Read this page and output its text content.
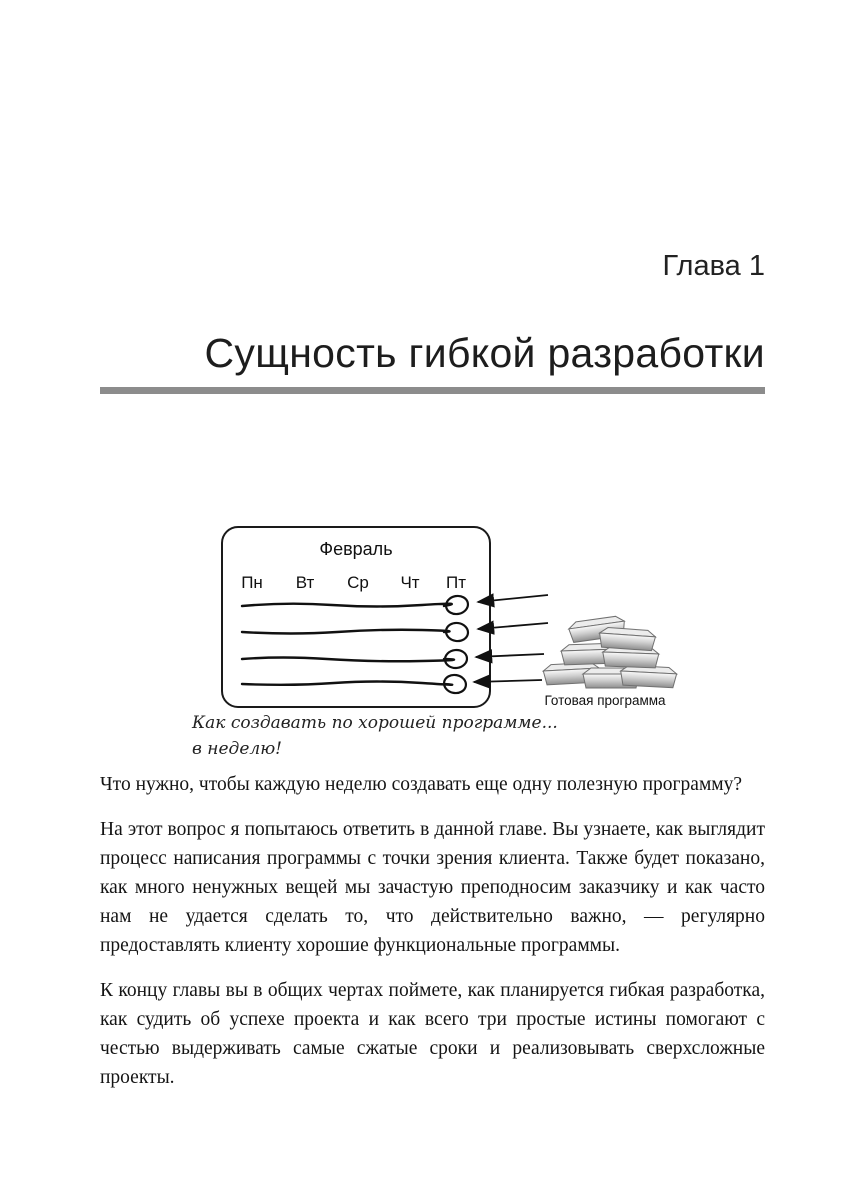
Глава 1
Сущность гибкой разработки
Февраль
Пн Вт Ср Чт Пт
Готовая программа
Как создавать по хорошей программе...
в неделю!

Что нужно, чтобы каждую неделю создавать еще одну полезную программу?

На этот вопрос я попытаюсь ответить в данной главе. Вы узнаете, как выглядит процесс написания программы с точки зрения клиента. Также будет показано, как много ненужных вещей мы зачастую преподносим заказчику и как часто нам не удается сделать то, что действительно важно, — регулярно предоставлять клиенту хорошие функциональные программы.

К концу главы вы в общих чертах поймете, как планируется гибкая разработка, как судить об успехе проекта и как всего три простые истины помогают с честью выдерживать самые сжатые сроки и реализовывать сверхсложные проекты.
